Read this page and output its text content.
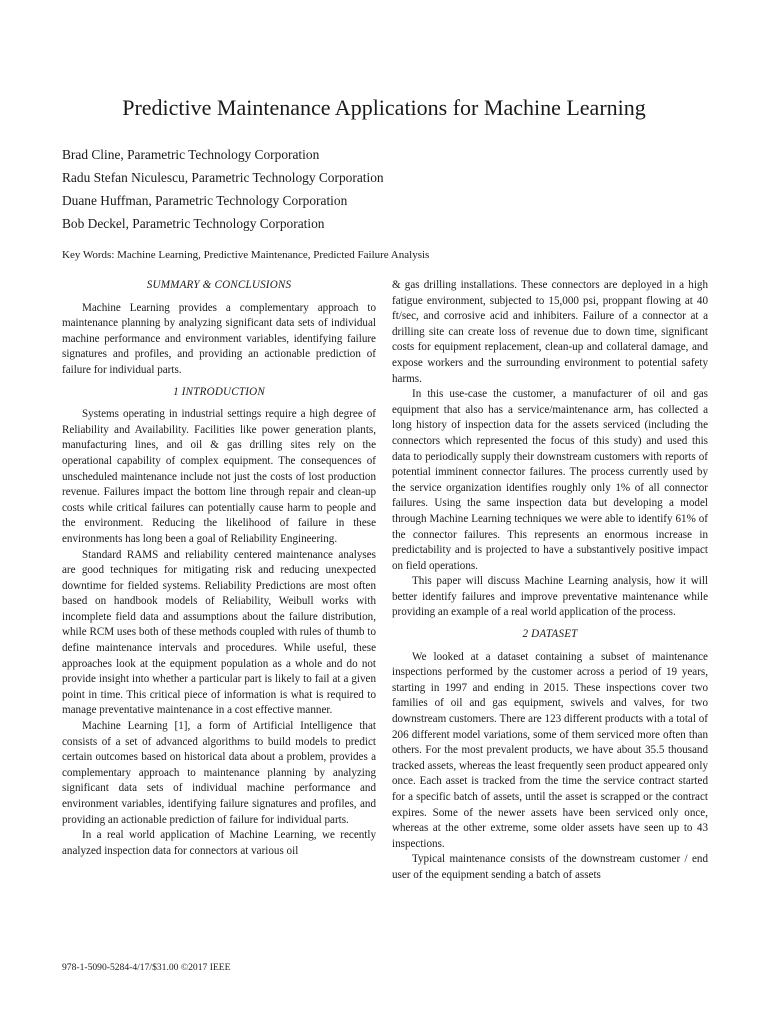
Predictive Maintenance Applications for Machine Learning
Brad Cline, Parametric Technology Corporation
Radu Stefan Niculescu, Parametric Technology Corporation
Duane Huffman, Parametric Technology Corporation
Bob Deckel, Parametric Technology Corporation
Key Words: Machine Learning, Predictive Maintenance, Predicted Failure Analysis
SUMMARY & CONCLUSIONS

Machine Learning provides a complementary approach to maintenance planning by analyzing significant data sets of individual machine performance and environment variables, identifying failure signatures and profiles, and providing an actionable prediction of failure for individual parts.

1 INTRODUCTION

Systems operating in industrial settings require a high degree of Reliability and Availability. Facilities like power generation plants, manufacturing lines, and oil & gas drilling sites rely on the operational capability of complex equipment. The consequences of unscheduled maintenance include not just the costs of lost production revenue. Failures impact the bottom line through repair and clean-up costs while critical failures can potentially cause harm to people and the environment. Reducing the likelihood of failure in these environments has long been a goal of Reliability Engineering.

Standard RAMS and reliability centered maintenance analyses are good techniques for mitigating risk and reducing unexpected downtime for fielded systems. Reliability Predictions are most often based on handbook models of Reliability, Weibull works with incomplete field data and assumptions about the failure distribution, while RCM uses both of these methods coupled with rules of thumb to define maintenance intervals and procedures. While useful, these approaches look at the equipment population as a whole and do not provide insight into whether a particular part is likely to fail at a given point in time. This critical piece of information is what is required to manage preventative maintenance in a cost effective manner.

Machine Learning [1], a form of Artificial Intelligence that consists of a set of advanced algorithms to build models to predict certain outcomes based on historical data about a problem, provides a complementary approach to maintenance planning by analyzing significant data sets of individual machine performance and environment variables, identifying failure signatures and profiles, and providing an actionable prediction of failure for individual parts.

In a real world application of Machine Learning, we recently analyzed inspection data for connectors at various oil

& gas drilling installations. These connectors are deployed in a high fatigue environment, subjected to 15,000 psi, proppant flowing at 40 ft/sec, and corrosive acid and inhibiters. Failure of a connector at a drilling site can create loss of revenue due to down time, significant costs for equipment replacement, clean-up and collateral damage, and expose workers and the surrounding environment to potential safety harms.

In this use-case the customer, a manufacturer of oil and gas equipment that also has a service/maintenance arm, has collected a long history of inspection data for the assets serviced (including the connectors which represented the focus of this study) and used this data to periodically supply their downstream customers with reports of potential imminent connector failures. The process currently used by the service organization identifies roughly only 1% of all connector failures. Using the same inspection data but developing a model through Machine Learning techniques we were able to identify 61% of the connector failures. This represents an enormous increase in predictability and is projected to have a substantively positive impact on field operations.

This paper will discuss Machine Learning analysis, how it will better identify failures and improve preventative maintenance while providing an example of a real world application of the process.

2 DATASET

We looked at a dataset containing a subset of maintenance inspections performed by the customer across a period of 19 years, starting in 1997 and ending in 2015. These inspections cover two families of oil and gas equipment, swivels and valves, for two downstream customers. There are 123 different products with a total of 206 different model variations, some of them serviced more often than others. For the most prevalent products, we have about 35.5 thousand tracked assets, whereas the least frequently seen product appeared only once. Each asset is tracked from the time the service contract started for a specific batch of assets, until the asset is scrapped or the contract expires. Some of the newer assets have been serviced only once, whereas at the other extreme, some older assets have seen up to 43 inspections.

Typical maintenance consists of the downstream customer / end user of the equipment sending a batch of assets

978-1-5090-5284-4/17/$31.00 ©2017 IEEE
